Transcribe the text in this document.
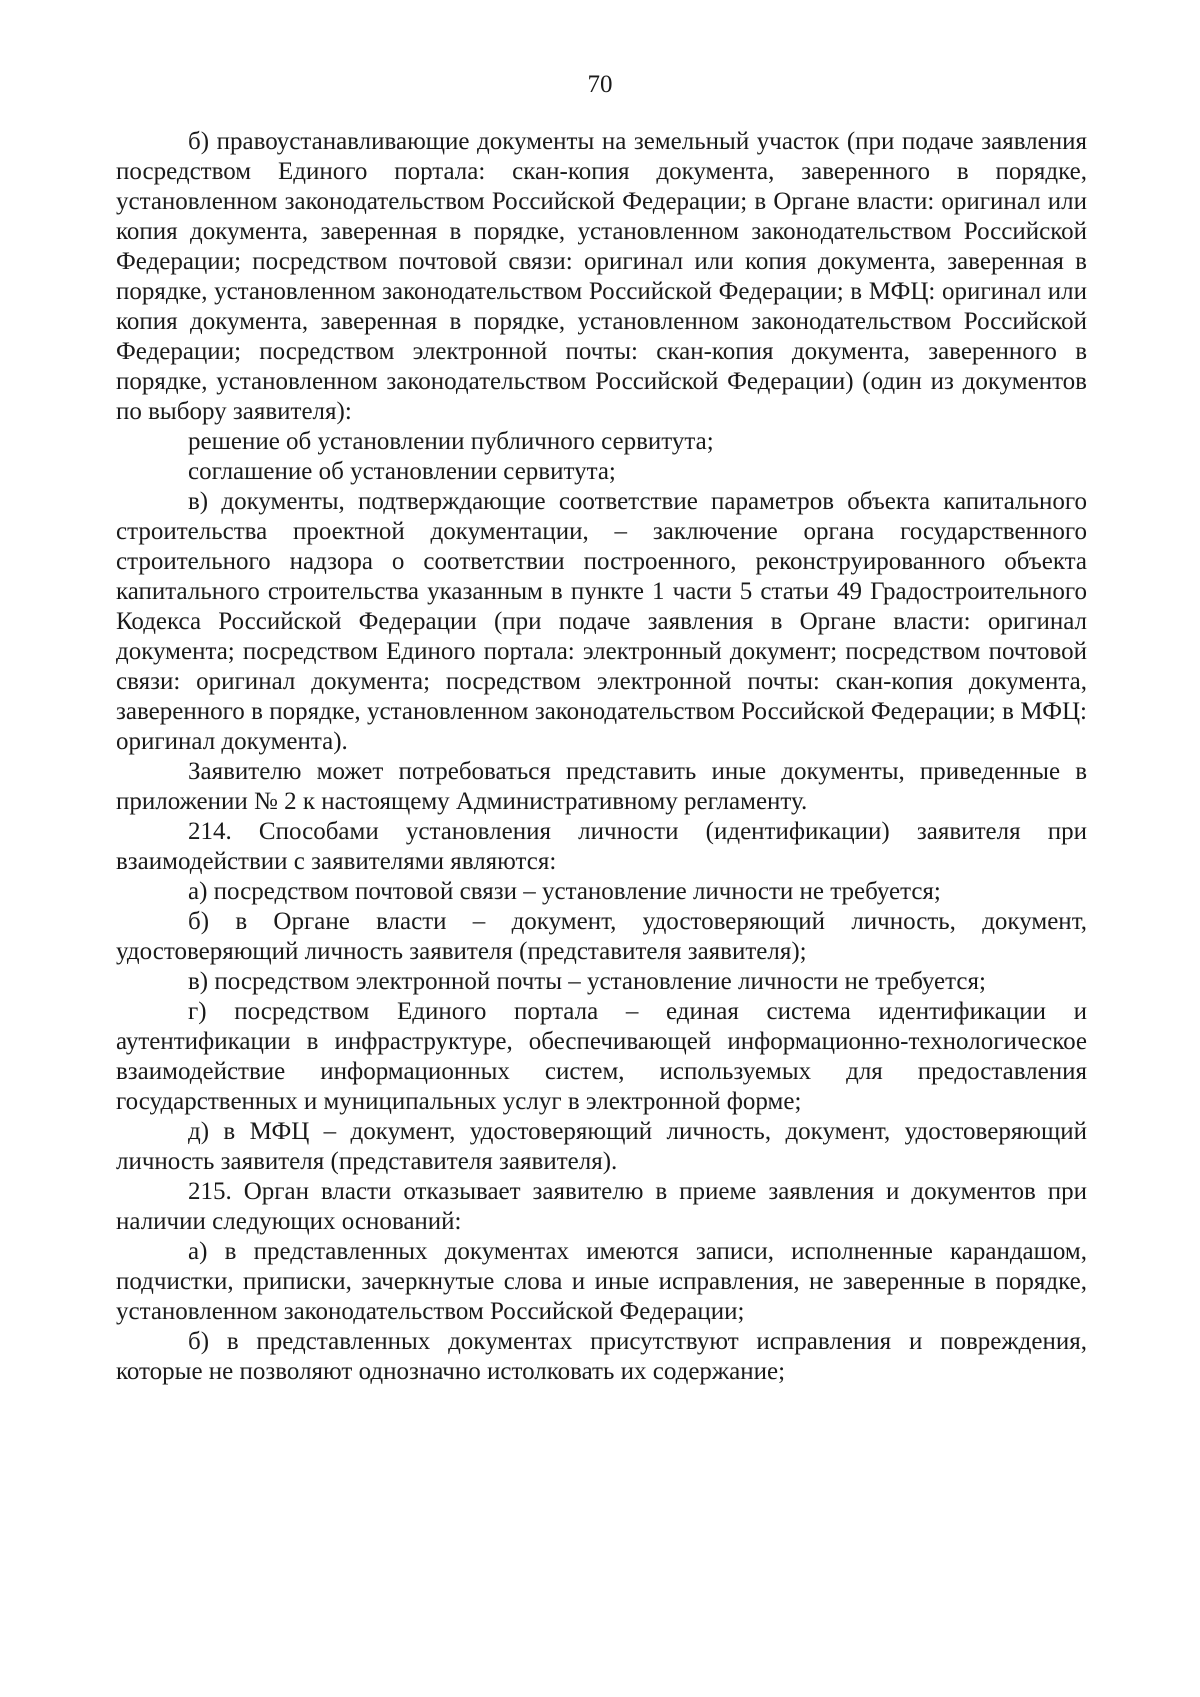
70

б) правоустанавливающие документы на земельный участок (при подаче заявления посредством Единого портала: скан-копия документа, заверенного в порядке, установленном законодательством Российской Федерации; в Органе власти: оригинал или копия документа, заверенная в порядке, установленном законодательством Российской Федерации; посредством почтовой связи: оригинал или копия документа, заверенная в порядке, установленном законодательством Российской Федерации; в МФЦ: оригинал или копия документа, заверенная в порядке, установленном законодательством Российской Федерации; посредством электронной почты: скан-копия документа, заверенного в порядке, установленном законодательством Российской Федерации) (один из документов по выбору заявителя):

решение об установлении публичного сервитута;

соглашение об установлении сервитута;

в) документы, подтверждающие соответствие параметров объекта капитального строительства проектной документации, – заключение органа государственного строительного надзора о соответствии построенного, реконструированного объекта капитального строительства указанным в пункте 1 части 5 статьи 49 Градостроительного Кодекса Российской Федерации (при подаче заявления в Органе власти: оригинал документа; посредством Единого портала: электронный документ; посредством почтовой связи: оригинал документа; посредством электронной почты: скан-копия документа, заверенного в порядке, установленном законодательством Российской Федерации; в МФЦ: оригинал документа).

Заявителю может потребоваться представить иные документы, приведенные в приложении № 2 к настоящему Административному регламенту.

214. Способами установления личности (идентификации) заявителя при взаимодействии с заявителями являются:

а) посредством почтовой связи – установление личности не требуется;

б) в Органе власти – документ, удостоверяющий личность, документ, удостоверяющий личность заявителя (представителя заявителя);

в) посредством электронной почты – установление личности не требуется;

г) посредством Единого портала – единая система идентификации и аутентификации в инфраструктуре, обеспечивающей информационно-технологическое взаимодействие информационных систем, используемых для предоставления государственных и муниципальных услуг в электронной форме;

д) в МФЦ – документ, удостоверяющий личность, документ, удостоверяющий личность заявителя (представителя заявителя).

215. Орган власти отказывает заявителю в приеме заявления и документов при наличии следующих оснований:

а) в представленных документах имеются записи, исполненные карандашом, подчистки, приписки, зачеркнутые слова и иные исправления, не заверенные в порядке, установленном законодательством Российской Федерации;

б) в представленных документах присутствуют исправления и повреждения, которые не позволяют однозначно истолковать их содержание;
